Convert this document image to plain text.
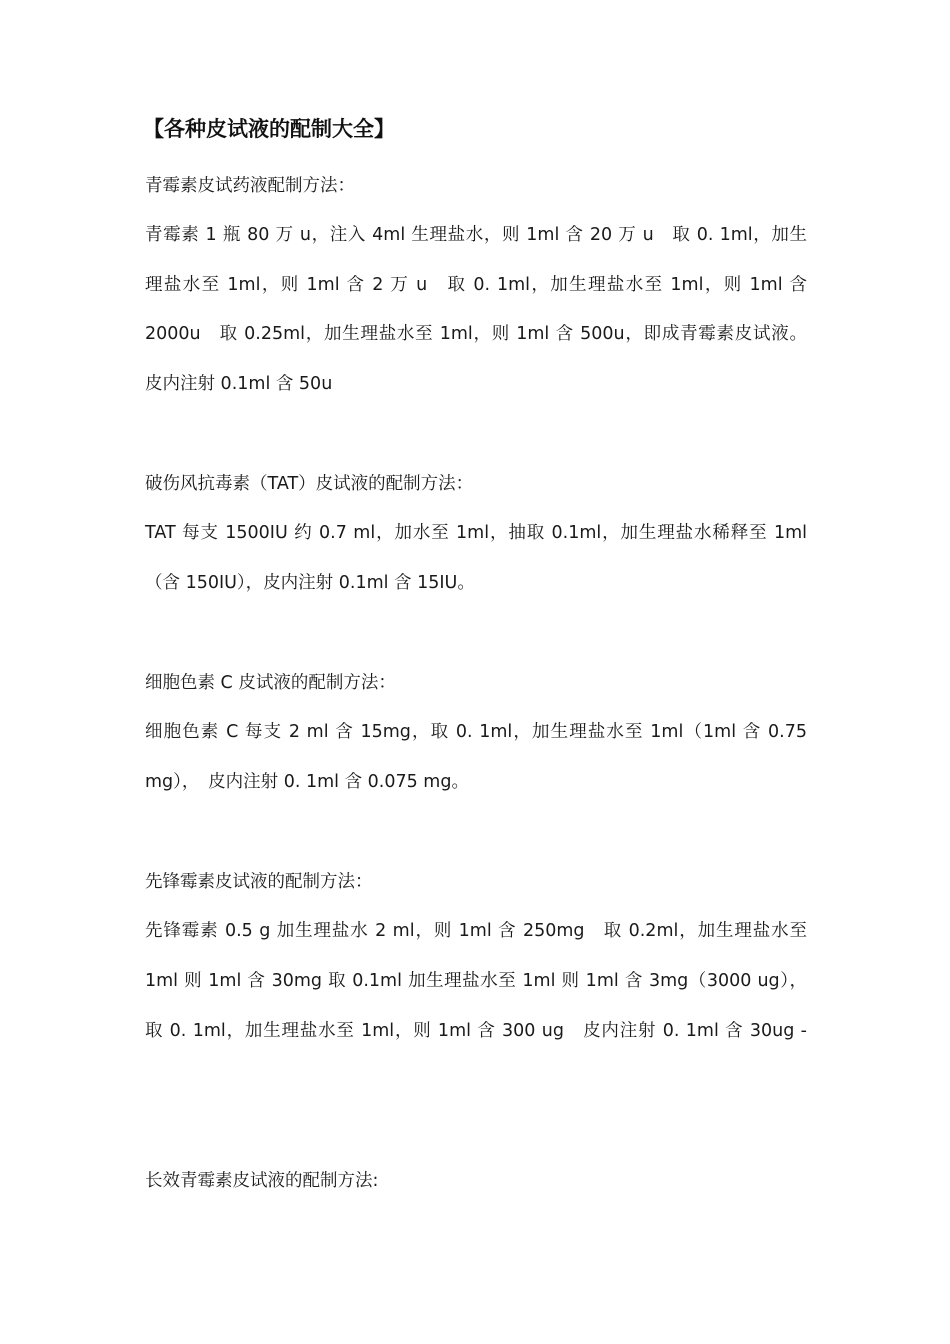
【各种皮试液的配制大全】
青霉素皮试药液配制方法：
青霉素 1 瓶 80 万 u，注入 4ml 生理盐水，则 1ml 含 20 万 u　取 0. 1ml，加生
理盐水至 1ml，则 1ml 含 2 万 u　取 0. 1ml，加生理盐水至 1ml，则 1ml 含
2000u　取 0.25ml，加生理盐水至 1ml，则 1ml 含 500u，即成青霉素皮试液。
皮内注射 0.1ml 含 50u
破伤风抗毒素（TAT）皮试液的配制方法：
TAT 每支 1500IU 约 0.7 ml，加水至 1ml，抽取 0.1ml，加生理盐水稀释至 1ml
（含 150IU），皮内注射 0.1ml 含 15IU。
细胞色素 C 皮试液的配制方法：
细胞色素 C 每支 2 ml 含 15mg，取 0. 1ml，加生理盐水至 1ml（1ml 含 0.75
mg），　皮内注射 0. 1ml 含 0.075 mg。
先锋霉素皮试液的配制方法：
先锋霉素 0.5 g 加生理盐水 2 ml，则 1ml 含 250mg　取 0.2ml，加生理盐水至
1ml 则 1ml 含 30mg 取 0.1ml 加生理盐水至 1ml 则 1ml 含 3mg（3000 ug），
取 0. 1ml，加生理盐水至 1ml，则 1ml 含 300 ug　皮内注射 0. 1ml 含 30ug -
长效青霉素皮试液的配制方法:
